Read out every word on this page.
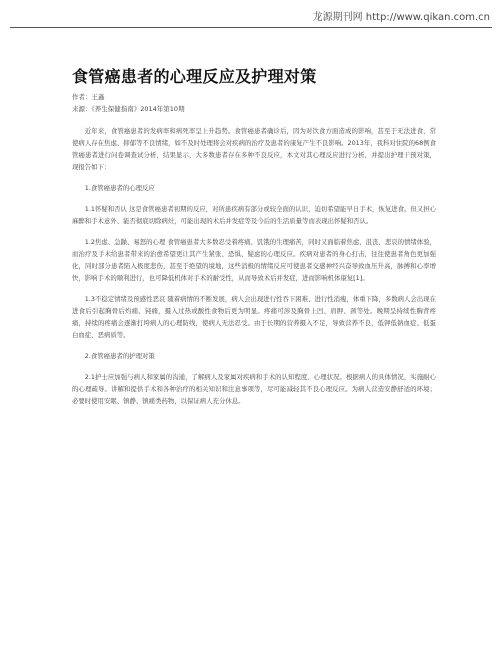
龙源期刊网 http://www.qikan.com.cn
食管癌患者的心理反应及护理对策
作者：王鑫
来源：《养生保健指南》2014年第10期

近年来，食管癌患者的发病率和病死率呈上升趋势。食管癌患者确诊后，因为对饮食方面造成的影响，甚至于无法进食，常使病人存在焦虑、抑郁等不良情绪，如不及时处理将会对疾病的治疗及患者的康复产生不良影响。2013年，我科对住院的68例食管癌患者进行问卷调查试分析，结果显示，大多数患者存在多种不良反应，本文对其心理反应进行分析，并提出护理干预对策，现报告如下：

1.食管癌患者的心理反应

1.1怀疑和否认 这是食管癌患者初期的反应，对所患疾病有部分或较全面的认识，迫切希望能早日手术，恢复进食。但又担心麻醉和手术意外、能否彻底切除病灶，可能出现的术后并发症等及今后的生活质量等而表现出怀疑和否认。

1.2焦虑、急躁、易怒的心理 食管癌患者大多数忍受着疼痛、饥饿的生理痛苦，同时又面临着焦虑、沮丧、悲哀的情绪体验，而治疗及手术给患者带来的治愈希望更让其产生紧张、恐惧、疑虑的心理反应。疾病对患者的身心打击，往往使患者角色更加强化，同时部分患者陷入极度悲伤，甚至于绝望的境地，这些消极的情绪反应可使患者交感神经兴奋导致血压升高，脉搏和心率增快，影响手术的顺利进行，也可降低机体对手术的耐受性，从而导致术后并发症，进而影响机体康复[1]。

1.3不稳定情绪及预感性恶哀 随着病情的不断发展，病人会出现进行性吞下困难、进行性消瘦，体重下降，多数病人会出现在进食后引起胸骨后灼痛、钝痛，摄入过热或酸性食物后更为明显。疼痛可涉及胸骨上凹、肩胛、颈等处。晚期呈持续性胸背疼痛，持续的疼痛会逐渐打垮病人的心理防线，使病人无法忍受。由于长期的营养摄入不足，导致营养不良，低钾低钠血症、低蛋白血症、恶病质等。

2.食管癌患者的护理对策

2.1护士应加强与病人和家属的沟通，了解病人及家属对疾病和手术的认知程度、心理状况。根据病人的具体情况，实施耐心的心理疏导。讲解和提供手术和各种治疗的相关知识和注意事项等，尽可能减轻其不良心理反应。为病人营造安静舒适的环境；必要时使用安眠、镇静、镇痛类药物，以保证病人充分休息。
